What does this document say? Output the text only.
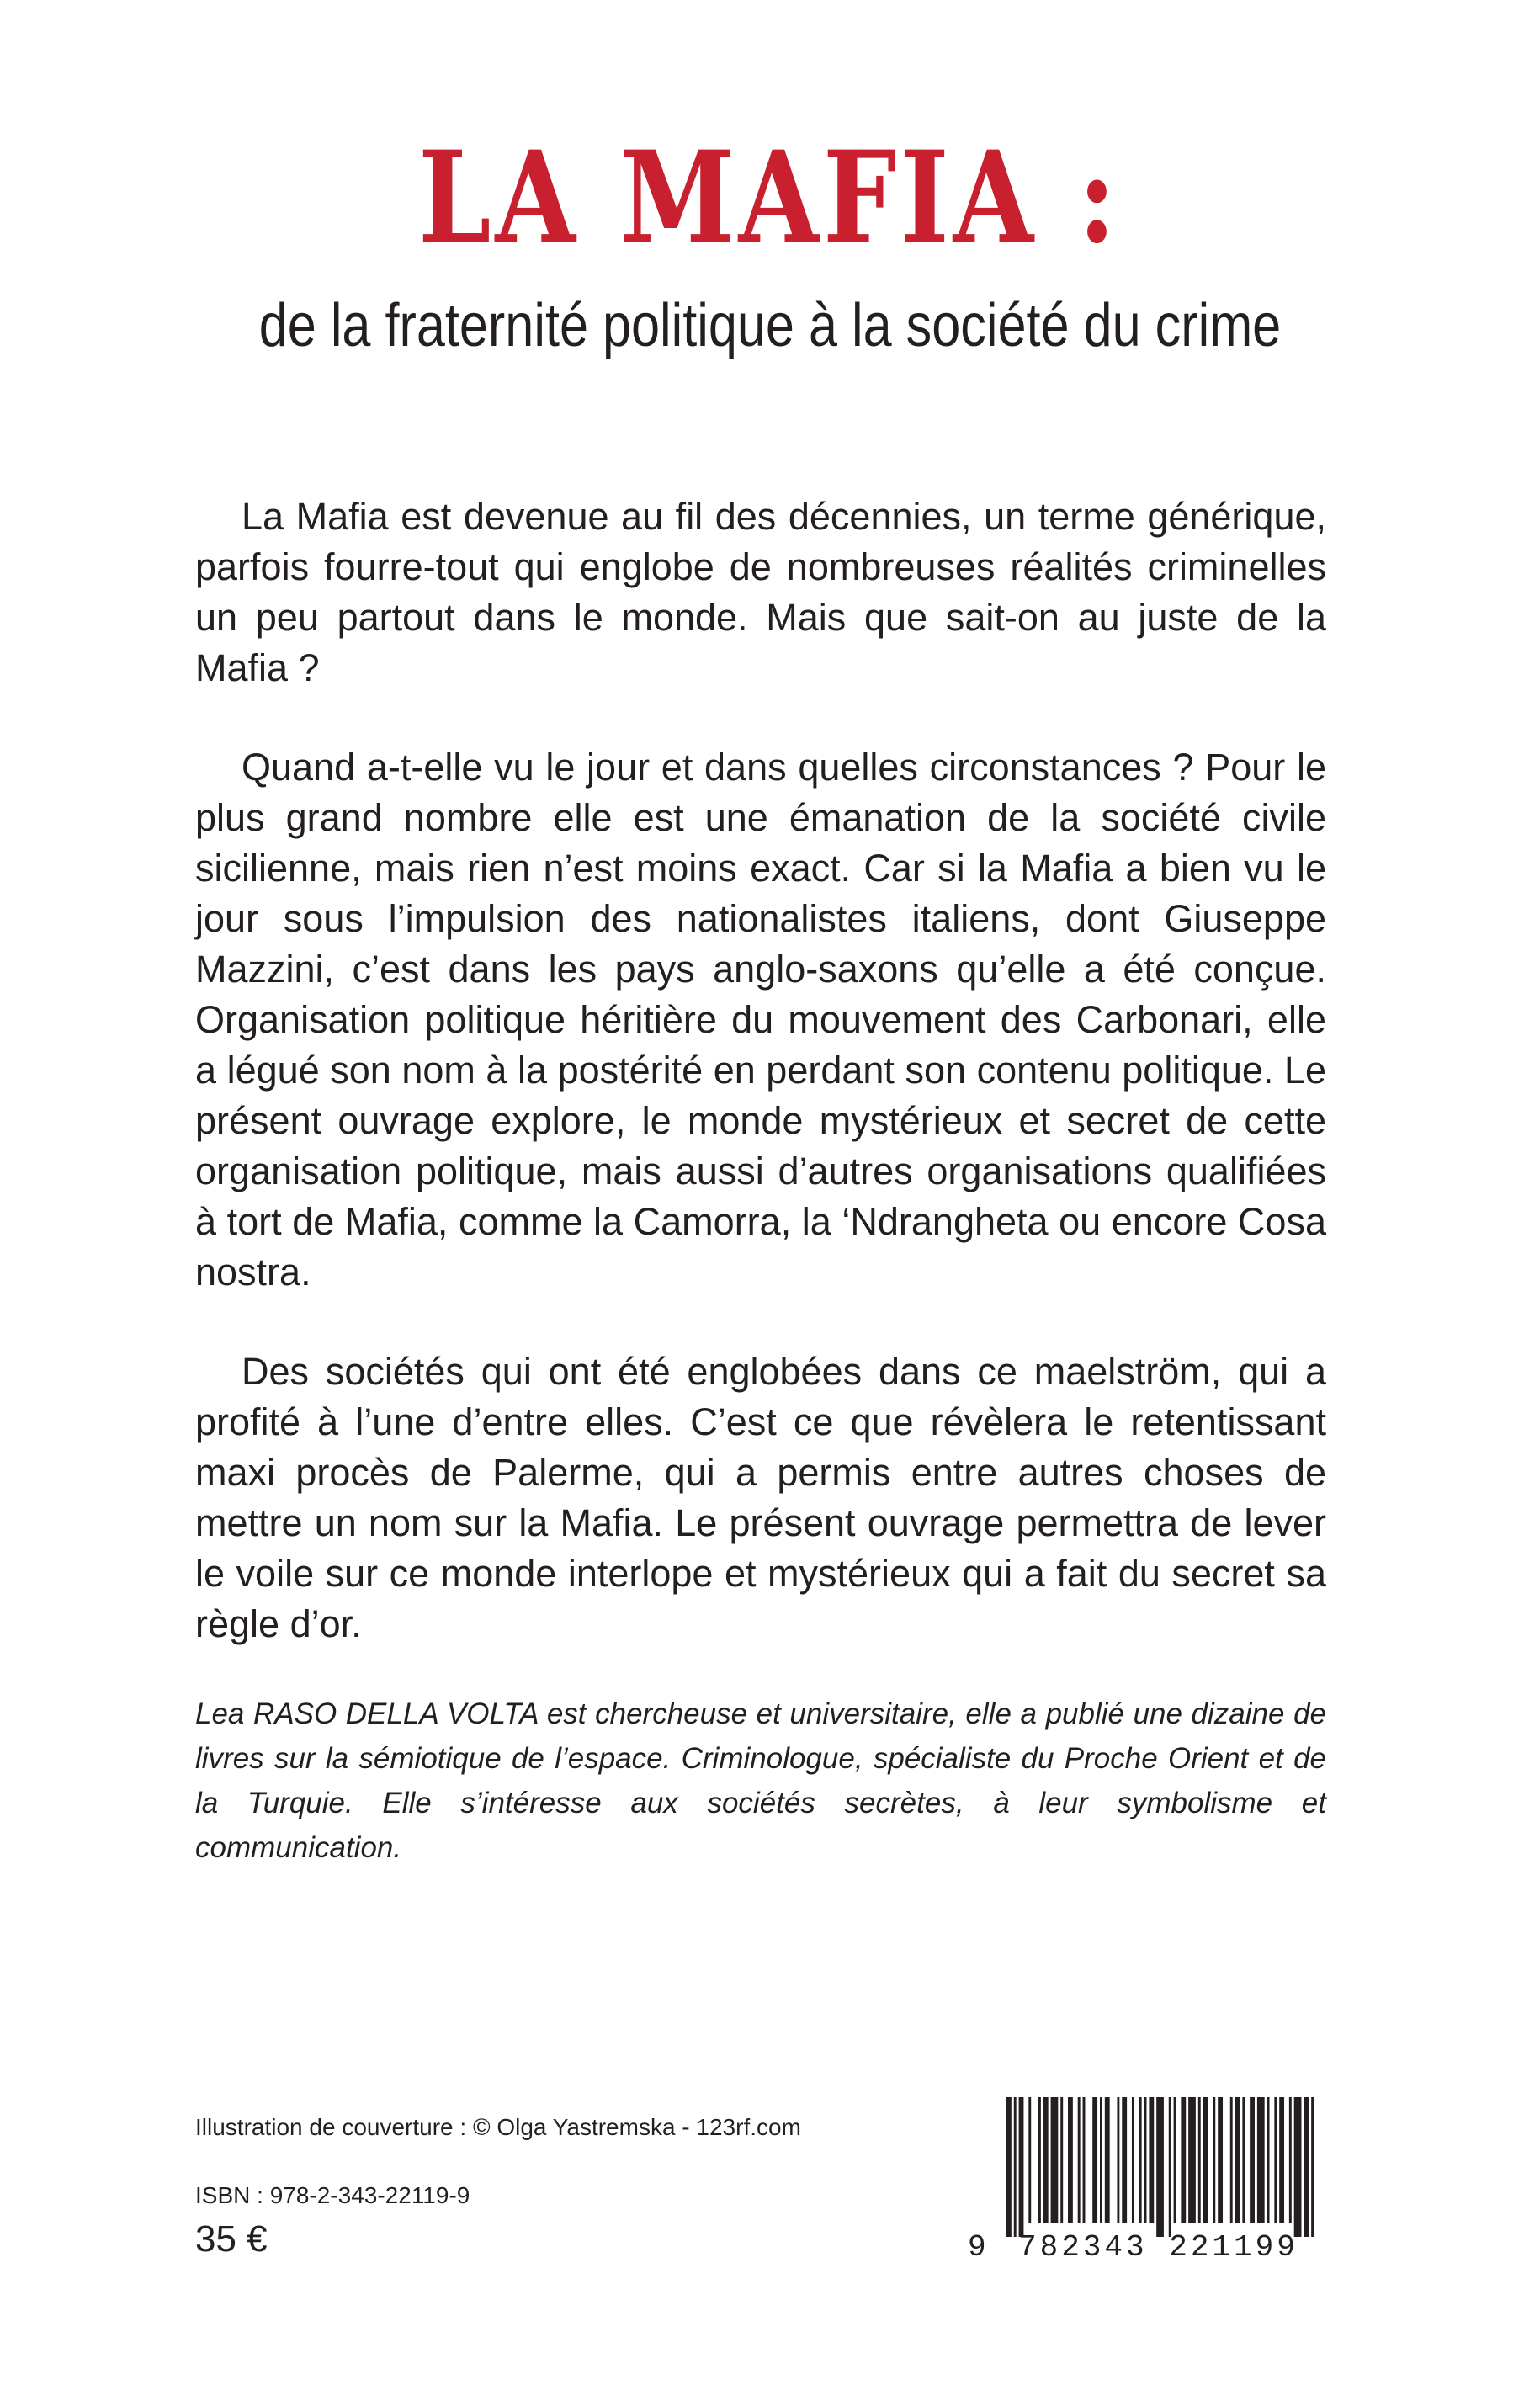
LA MAFIA :
de la fraternité politique à la société du crime

La Mafia est devenue au fil des décennies, un terme générique, parfois fourre-tout qui englobe de nombreuses réalités criminelles un peu partout dans le monde. Mais que sait-on au juste de la Mafia ?

Quand a-t-elle vu le jour et dans quelles circonstances ? Pour le plus grand nombre elle est une émanation de la société civile sicilienne, mais rien n’est moins exact. Car si la Mafia a bien vu le jour sous l’impulsion des nationalistes italiens, dont Giuseppe Mazzini, c’est dans les pays anglo-saxons qu’elle a été conçue. Organisation politique héritière du mouvement des Carbonari, elle a légué son nom à la postérité en perdant son contenu politique. Le présent ouvrage explore, le monde mystérieux et secret de cette organisation politique, mais aussi d’autres organisations qualifiées à tort de Mafia, comme la Camorra, la ‘Ndrangheta ou encore Cosa nostra.

Des sociétés qui ont été englobées dans ce maelström, qui a profité à l’une d’entre elles. C’est ce que révèlera le retentissant maxi procès de Palerme, qui a permis entre autres choses de mettre un nom sur la Mafia. Le présent ouvrage permettra de lever le voile sur ce monde interlope et mystérieux qui a fait du secret sa règle d’or.

Lea RASO DELLA VOLTA est chercheuse et universitaire, elle a publié une dizaine de livres sur la sémiotique de l’espace. Criminologue, spécialiste du Proche Orient et de la Turquie. Elle s’intéresse aux sociétés secrètes, à leur symbolisme et communication.
Illustration de couverture : © Olga Yastremska - 123rf.com
ISBN : 978-2-343-22119-9
35 €	9 782343 221199
